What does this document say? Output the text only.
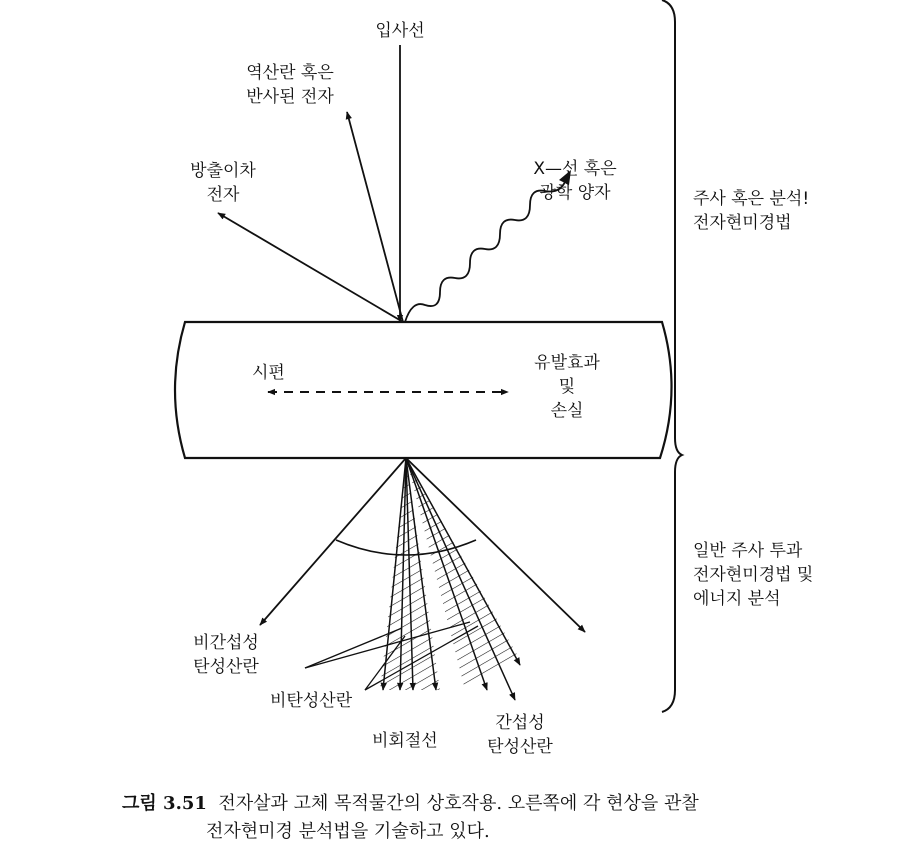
입사선
역산란 혹은
반사된 전자
방출이차
전자
X—선 혹은
광학 양자
시편	유발효과
및
손실
비간섭성
탄성산란
비탄성산란
비회절선
간섭성
탄성산란
주사 혹은 분석!
전자현미경법
일반 주사 투과
전자현미경법 및
에너지 분석
그림 3.51 전자살과 고체 목적물간의 상호작용. 오른쪽에 각 현상을 관찰
전자현미경 분석법을 기술하고 있다.
